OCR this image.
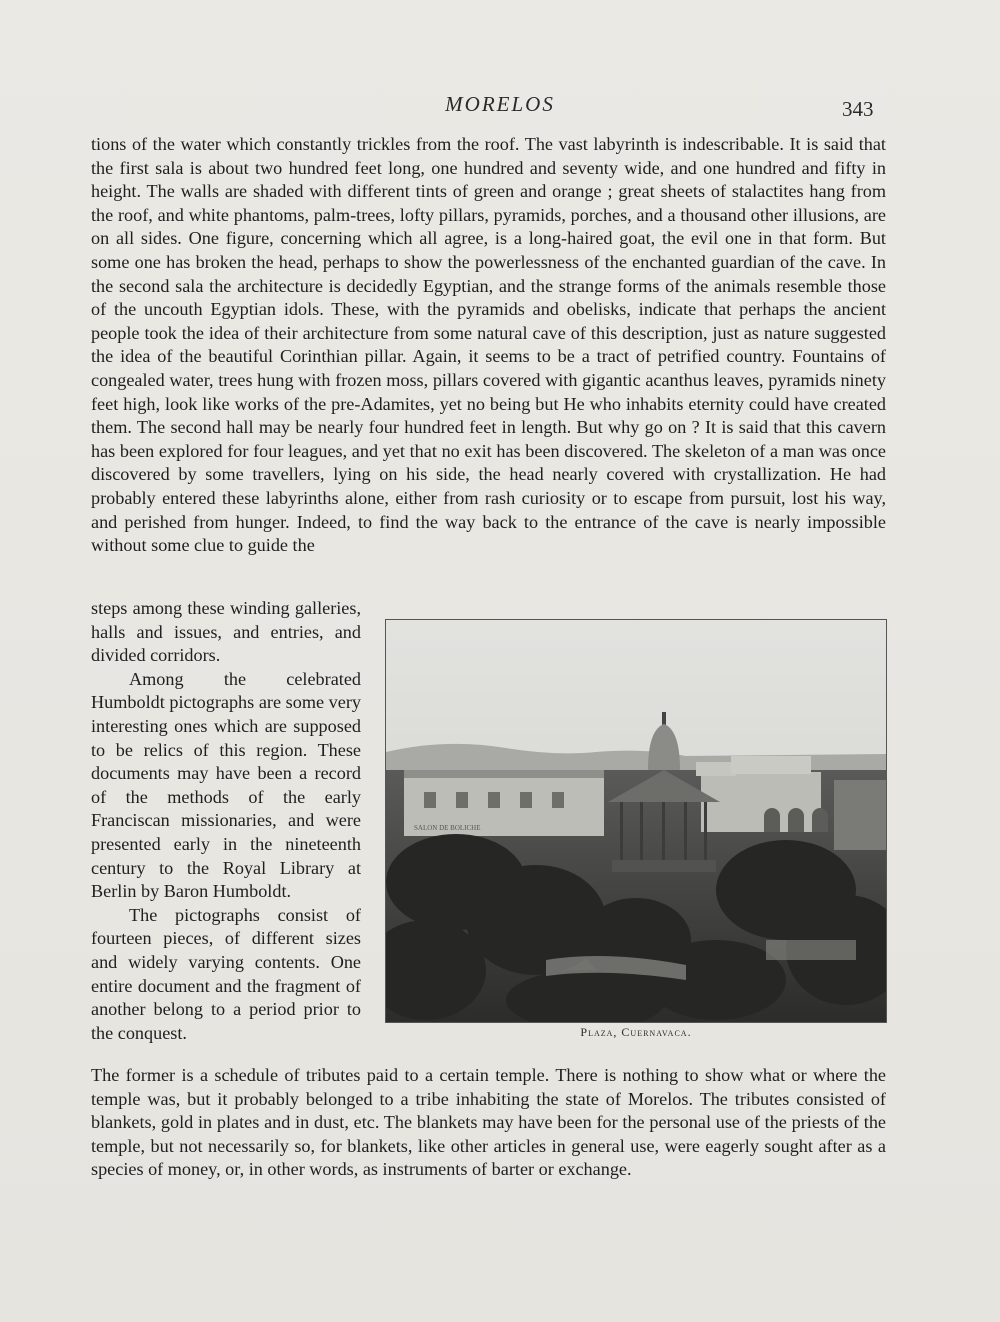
MORELOS	343
tions of the water which constantly trickles from the roof. The vast labyrinth is indescribable. It is said that the first sala is about two hundred feet long, one hundred and seventy wide, and one hundred and fifty in height. The walls are shaded with different tints of green and orange ; great sheets of stalactites hang from the roof, and white phantoms, palm-trees, lofty pillars, pyramids, porches, and a thousand other illusions, are on all sides. One figure, concerning which all agree, is a long-haired goat, the evil one in that form. But some one has broken the head, perhaps to show the powerlessness of the enchanted guardian of the cave. In the second sala the architecture is decidedly Egyptian, and the strange forms of the animals resemble those of the uncouth Egyptian idols. These, with the pyramids and obelisks, indicate that perhaps the ancient people took the idea of their architecture from some natural cave of this description, just as nature suggested the idea of the beautiful Corinthian pillar. Again, it seems to be a tract of petrified country. Fountains of congealed water, trees hung with frozen moss, pillars covered with gigantic acanthus leaves, pyramids ninety feet high, look like works of the pre-Adamites, yet no being but He who inhabits eternity could have created them. The second hall may be nearly four hundred feet in length. But why go on ? It is said that this cavern has been explored for four leagues, and yet that no exit has been discovered. The skeleton of a man was once discovered by some travellers, lying on his side, the head nearly covered with crystallization. He had probably entered these labyrinths alone, either from rash curiosity or to escape from pursuit, lost his way, and perished from hunger. Indeed, to find the way back to the entrance of the cave is nearly impossible without some clue to guide the

steps among these winding galleries, halls and issues, and entries, and divided corridors.

Among the celebrated Humboldt pictographs are some very interesting ones which are supposed to be relics of this region. These documents may have been a record of the methods of the early Franciscan missionaries, and were presented early in the nineteenth century to the Royal Library at Berlin by Baron Humboldt.

The pictographs consist of fourteen pieces, of different sizes and widely varying contents. One entire document and the fragment of another belong to a period prior to the conquest.

SALON DE BOLICHE
Plaza, Cuernavaca.
The former is a schedule of tributes paid to a certain temple. There is nothing to show what or where the temple was, but it probably belonged to a tribe inhabiting the state of Morelos. The tributes consisted of blankets, gold in plates and in dust, etc. The blankets may have been for the personal use of the priests of the temple, but not necessarily so, for blankets, like other articles in general use, were eagerly sought after as a species of money, or, in other words, as instruments of barter or exchange.
